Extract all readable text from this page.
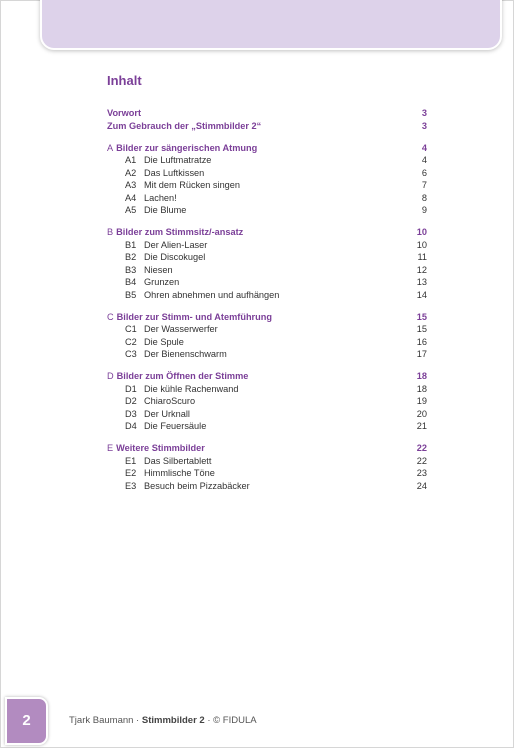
Inhalt
Vorwort	3
Zum Gebrauch der „Stimmbilder 2“	3
A Bilder zur sängerischen Atmung	4
A1 Die Luftmatratze	4
A2 Das Luftkissen	6
A3 Mit dem Rücken singen	7
A4 Lachen!	8
A5 Die Blume	9
B Bilder zum Stimmsitz/-ansatz	10
B1 Der Alien-Laser	10
B2 Die Discokugel	11
B3 Niesen	12
B4 Grunzen	13
B5 Ohren abnehmen und aufhängen	14
C Bilder zur Stimm- und Atemführung	15
C1 Der Wasserwerfer	15
C2 Die Spule	16
C3 Der Bienenschwarm	17
D Bilder zum Öffnen der Stimme	18
D1 Die kühle Rachenwand	18
D2 ChiaroScuro	19
D3 Der Urknall	20
D4 Die Feuersäule	21
E Weitere Stimmbilder	22
E1 Das Silbertablett	22
E2 Himmlische Töne	23
E3 Besuch beim Pizzabäcker	24
2	Tjark Baumann · Stimmbilder 2 · © FIDULA
